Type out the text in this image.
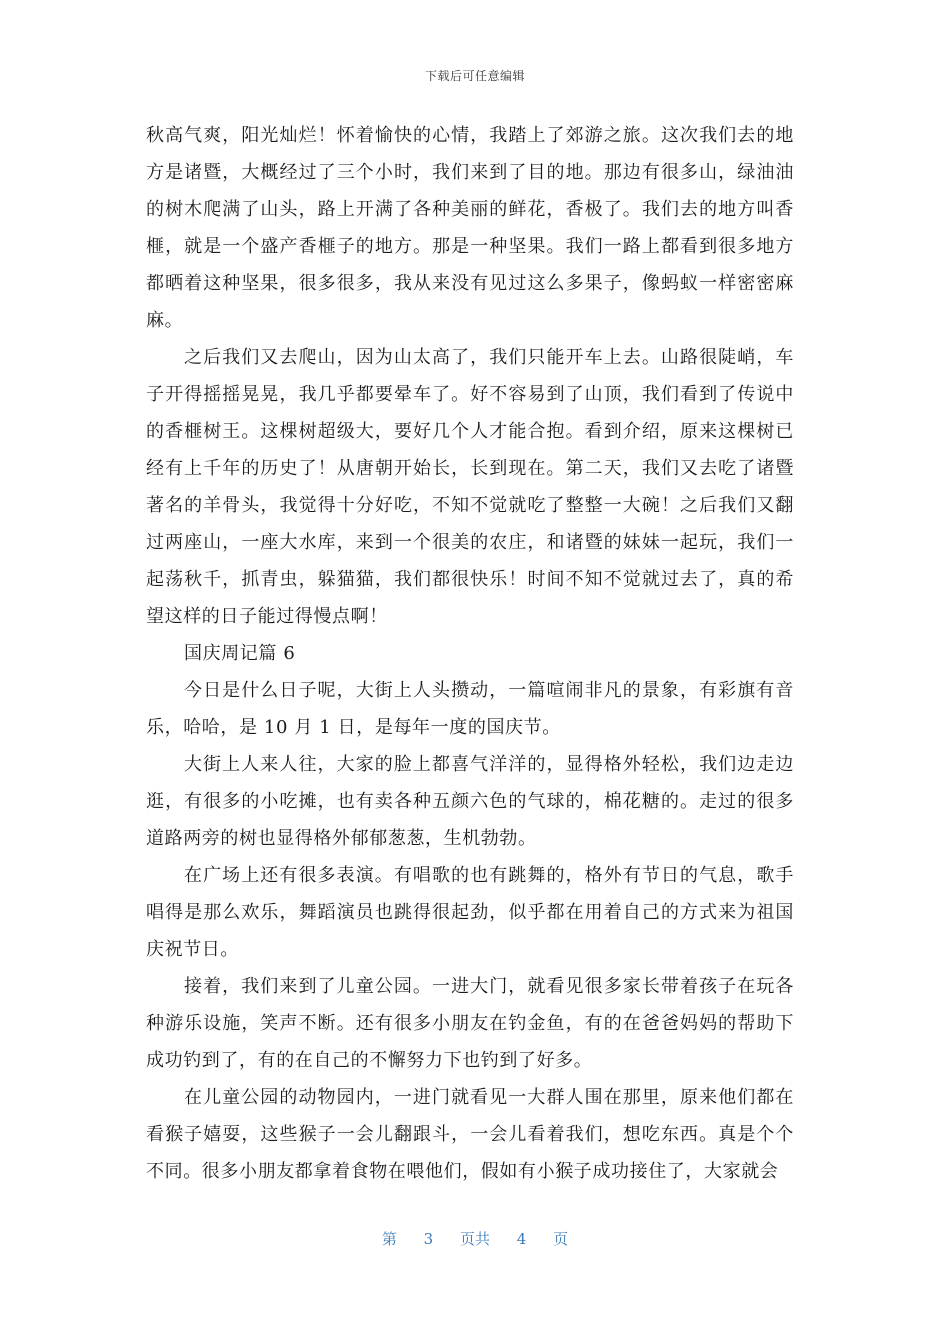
下载后可任意编辑

秋高气爽，阳光灿烂！怀着愉快的心情，我踏上了郊游之旅。这次我们去的地方是诸暨，大概经过了三个小时，我们来到了目的地。那边有很多山，绿油油的树木爬满了山头，路上开满了各种美丽的鲜花，香极了。我们去的地方叫香榧，就是一个盛产香榧子的地方。那是一种坚果。我们一路上都看到很多地方都晒着这种坚果，很多很多，我从来没有见过这么多果子，像蚂蚁一样密密麻麻。

之后我们又去爬山，因为山太高了，我们只能开车上去。山路很陡峭，车子开得摇摇晃晃，我几乎都要晕车了。好不容易到了山顶，我们看到了传说中的香榧树王。这棵树超级大，要好几个人才能合抱。看到介绍，原来这棵树已经有上千年的历史了！从唐朝开始长，长到现在。第二天，我们又去吃了诸暨著名的羊骨头，我觉得十分好吃，不知不觉就吃了整整一大碗！之后我们又翻过两座山，一座大水库，来到一个很美的农庄，和诸暨的妹妹一起玩，我们一起荡秋千，抓青虫，躲猫猫，我们都很快乐！时间不知不觉就过去了，真的希望这样的日子能过得慢点啊！

国庆周记篇 6

今日是什么日子呢，大街上人头攒动，一篇喧闹非凡的景象，有彩旗有音乐，哈哈，是 10 月 1 日，是每年一度的国庆节。

大街上人来人往，大家的脸上都喜气洋洋的，显得格外轻松，我们边走边逛，有很多的小吃摊，也有卖各种五颜六色的气球的，棉花糖的。走过的很多道路两旁的树也显得格外郁郁葱葱，生机勃勃。

在广场上还有很多表演。有唱歌的也有跳舞的，格外有节日的气息，歌手唱得是那么欢乐，舞蹈演员也跳得很起劲，似乎都在用着自己的方式来为祖国庆祝节日。

接着，我们来到了儿童公园。一进大门，就看见很多家长带着孩子在玩各种游乐设施，笑声不断。还有很多小朋友在钓金鱼，有的在爸爸妈妈的帮助下成功钓到了，有的在自己的不懈努力下也钓到了好多。

在儿童公园的动物园内，一进门就看见一大群人围在那里，原来他们都在看猴子嬉耍，这些猴子一会儿翻跟斗，一会儿看着我们，想吃东西。真是个个不同。很多小朋友都拿着食物在喂他们，假如有小猴子成功接住了，大家就会

第 3 页共 4 页
